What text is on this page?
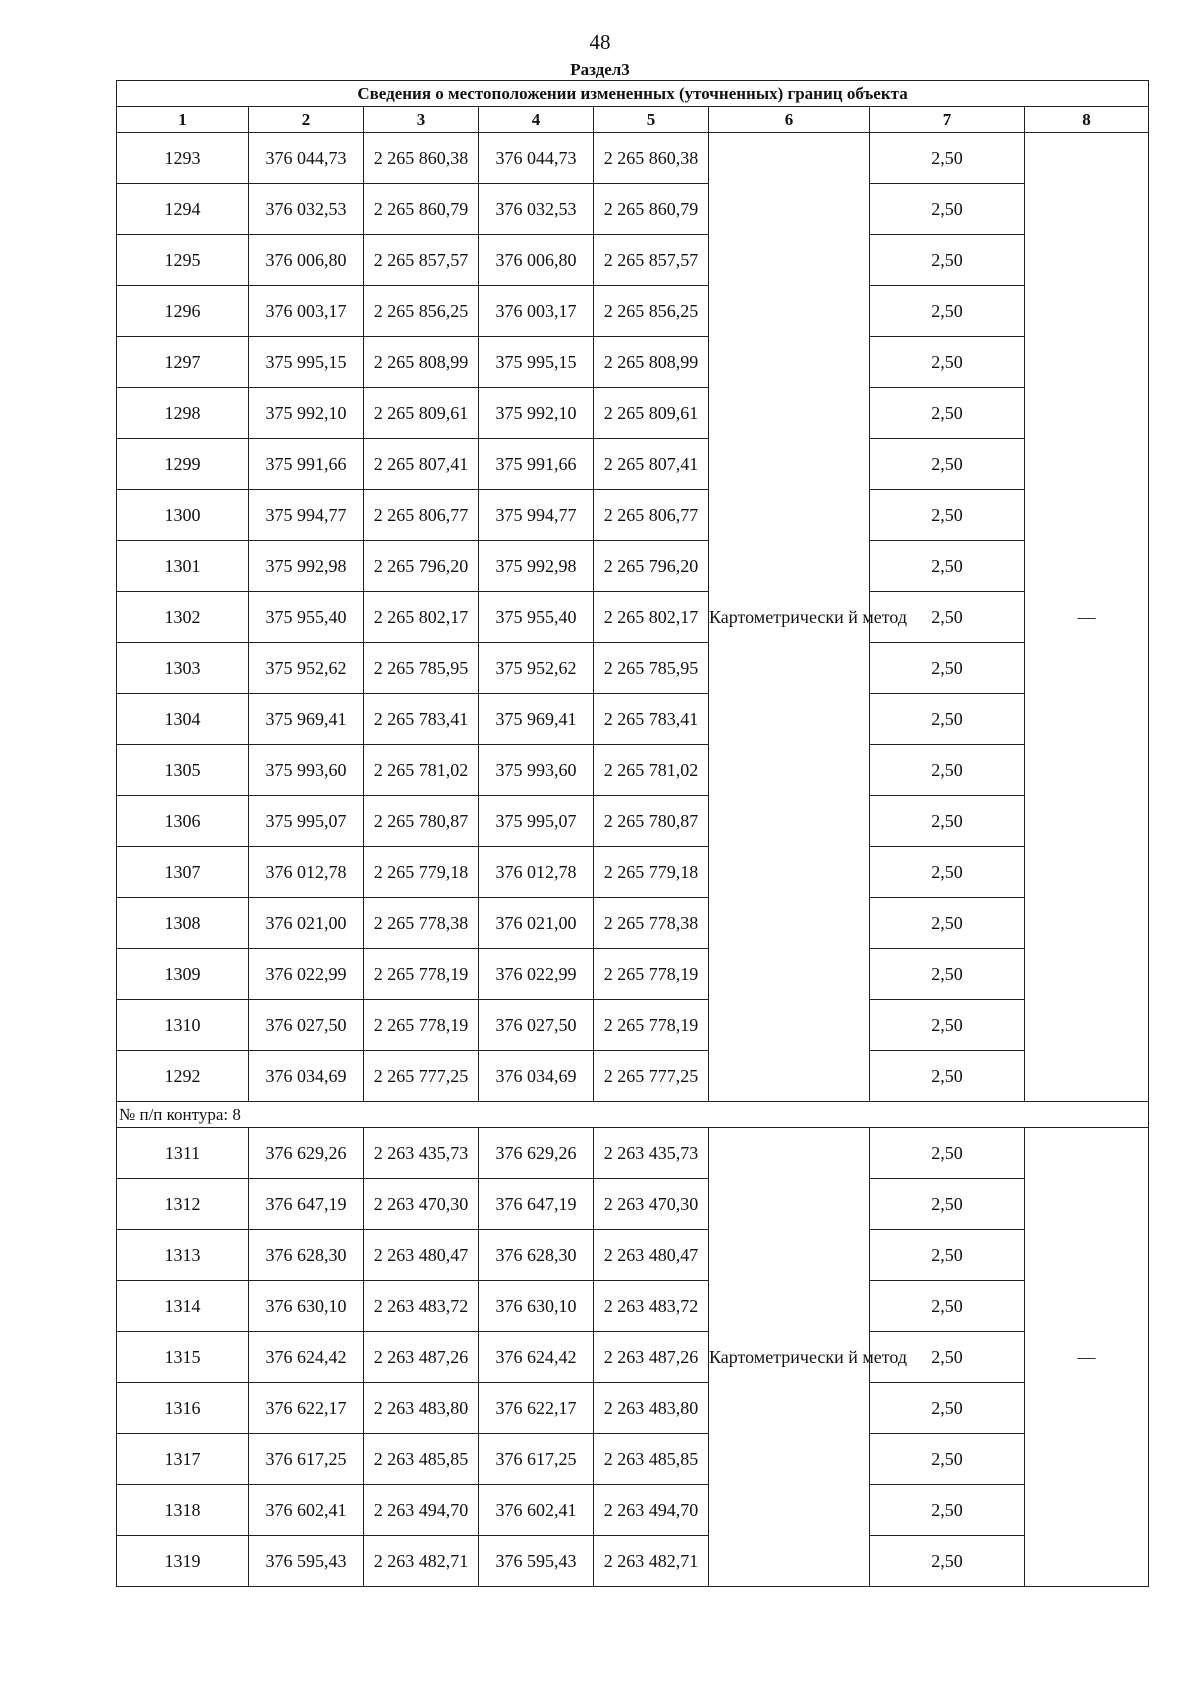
48
Раздел3
Сведения о местоположении измененных (уточненных) границ объекта							
1	2	3	4	5	6	7	8
1293	376 044,73	2 265 860,38	376 044,73	2 265 860,38	Картометрически й метод	2,50	—
1294	376 032,53	2 265 860,79	376 032,53	2 265 860,79		2,50	
1295	376 006,80	2 265 857,57	376 006,80	2 265 857,57		2,50	
1296	376 003,17	2 265 856,25	376 003,17	2 265 856,25		2,50	
1297	375 995,15	2 265 808,99	375 995,15	2 265 808,99		2,50	
1298	375 992,10	2 265 809,61	375 992,10	2 265 809,61		2,50	
1299	375 991,66	2 265 807,41	375 991,66	2 265 807,41		2,50	
1300	375 994,77	2 265 806,77	375 994,77	2 265 806,77		2,50	
1301	375 992,98	2 265 796,20	375 992,98	2 265 796,20		2,50	
1302	375 955,40	2 265 802,17	375 955,40	2 265 802,17		2,50	
1303	375 952,62	2 265 785,95	375 952,62	2 265 785,95		2,50	
1304	375 969,41	2 265 783,41	375 969,41	2 265 783,41		2,50	
1305	375 993,60	2 265 781,02	375 993,60	2 265 781,02		2,50	
1306	375 995,07	2 265 780,87	375 995,07	2 265 780,87		2,50	
1307	376 012,78	2 265 779,18	376 012,78	2 265 779,18		2,50	
1308	376 021,00	2 265 778,38	376 021,00	2 265 778,38		2,50	
1309	376 022,99	2 265 778,19	376 022,99	2 265 778,19		2,50	
1310	376 027,50	2 265 778,19	376 027,50	2 265 778,19		2,50	
1292	376 034,69	2 265 777,25	376 034,69	2 265 777,25		2,50	
№ п/п контура: 8							
1311	376 629,26	2 263 435,73	376 629,26	2 263 435,73	Картометрически й метод	2,50	—
1312	376 647,19	2 263 470,30	376 647,19	2 263 470,30		2,50	
1313	376 628,30	2 263 480,47	376 628,30	2 263 480,47		2,50	
1314	376 630,10	2 263 483,72	376 630,10	2 263 483,72		2,50	
1315	376 624,42	2 263 487,26	376 624,42	2 263 487,26		2,50	
1316	376 622,17	2 263 483,80	376 622,17	2 263 483,80		2,50	
1317	376 617,25	2 263 485,85	376 617,25	2 263 485,85		2,50	
1318	376 602,41	2 263 494,70	376 602,41	2 263 494,70		2,50	
1319	376 595,43	2 263 482,71	376 595,43	2 263 482,71		2,50	
